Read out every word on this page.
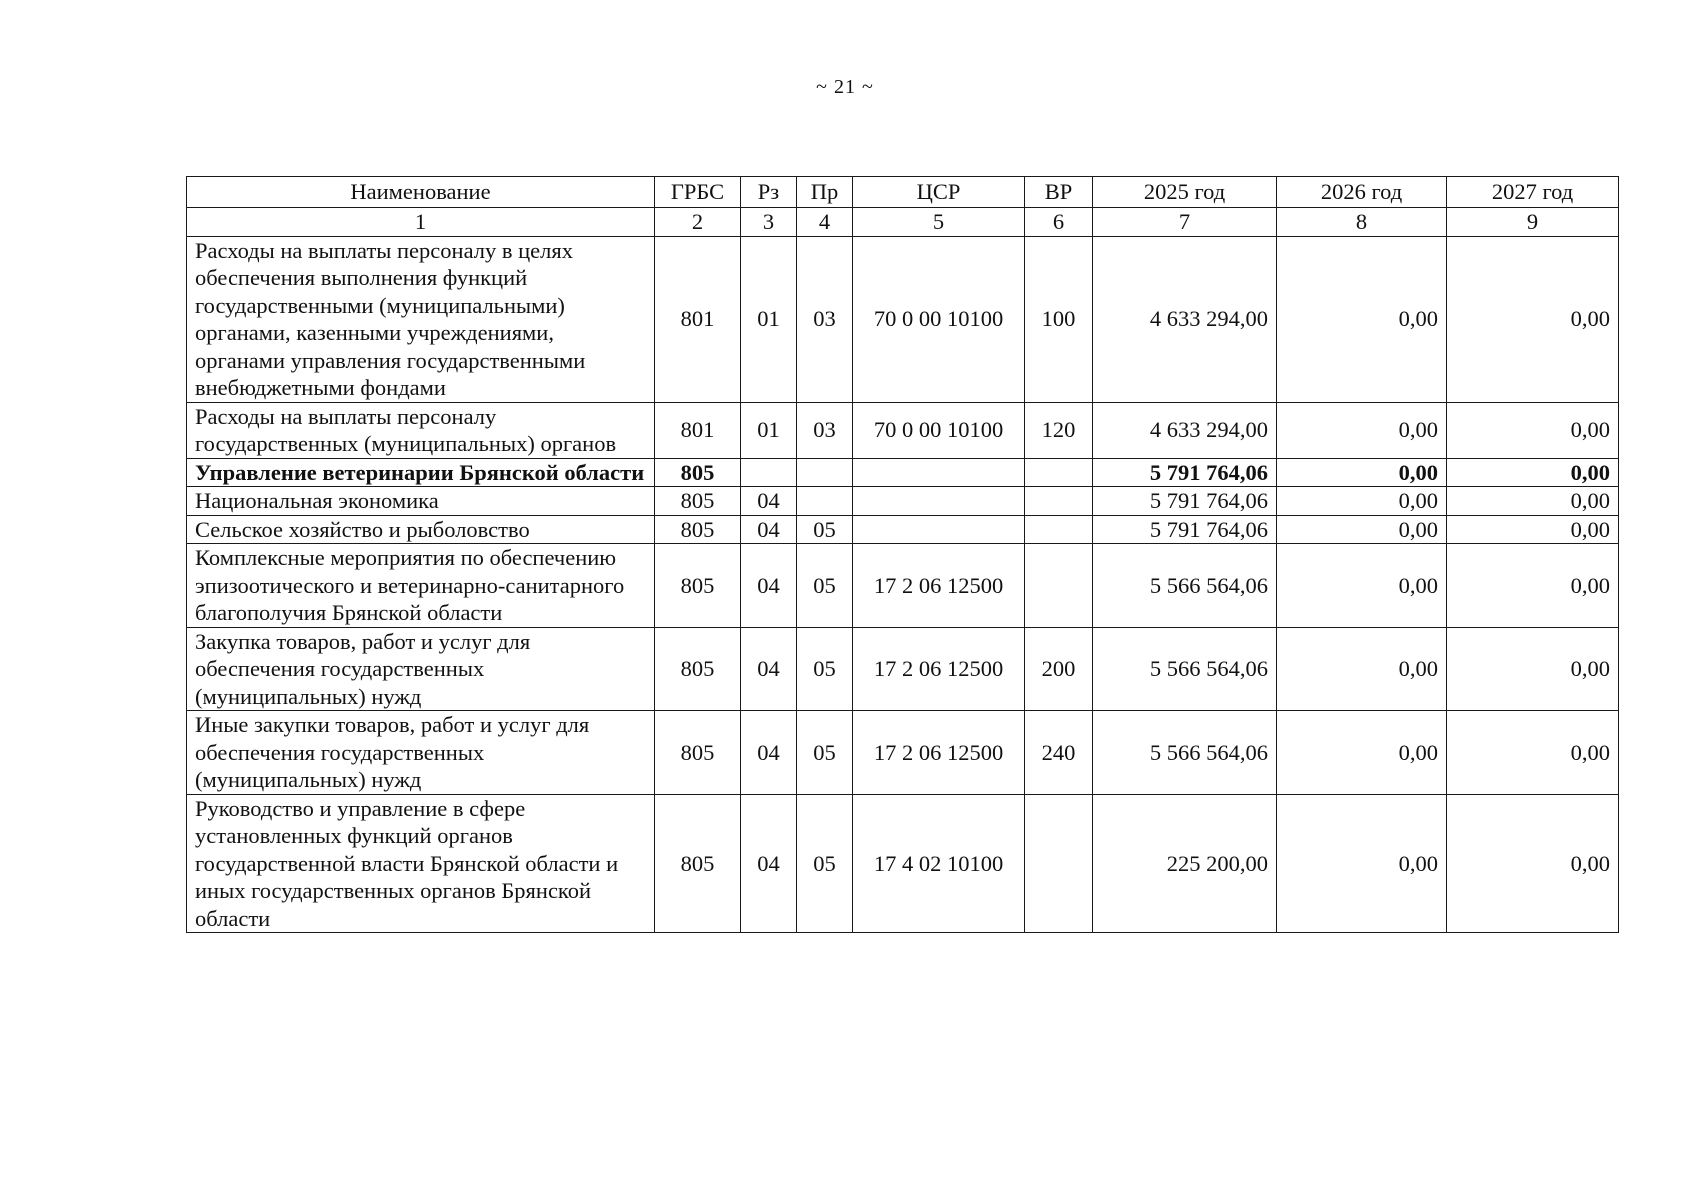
~ 21 ~
Наименование	ГРБС	Рз	Пр	ЦСР	ВР	2025 год	2026 год	2027 год
1	2	3	4	5	6	7	8	9
Расходы на выплаты персоналу в целях обеспечения выполнения функций государственными (муниципальными) органами, казенными учреждениями, органами управления государственными внебюджетными фондами	801	01	03	70 0 00 10100	100	4 633 294,00	0,00	0,00
Расходы на выплаты персоналу государственных (муниципальных) органов	801	01	03	70 0 00 10100	120	4 633 294,00	0,00	0,00
Управление ветеринарии Брянской области	805					5 791 764,06	0,00	0,00
Национальная экономика	805	04				5 791 764,06	0,00	0,00
Сельское хозяйство и рыболовство	805	04	05			5 791 764,06	0,00	0,00
Комплексные мероприятия по обеспечению эпизоотического и ветеринарно-санитарного благополучия Брянской области	805	04	05	17 2 06 12500		5 566 564,06	0,00	0,00
Закупка товаров, работ и услуг для обеспечения государственных (муниципальных) нужд	805	04	05	17 2 06 12500	200	5 566 564,06	0,00	0,00
Иные закупки товаров, работ и услуг для обеспечения государственных (муниципальных) нужд	805	04	05	17 2 06 12500	240	5 566 564,06	0,00	0,00
Руководство и управление в сфере установленных функций органов государственной власти Брянской области и иных государственных органов Брянской области	805	04	05	17 4 02 10100		225 200,00	0,00	0,00
